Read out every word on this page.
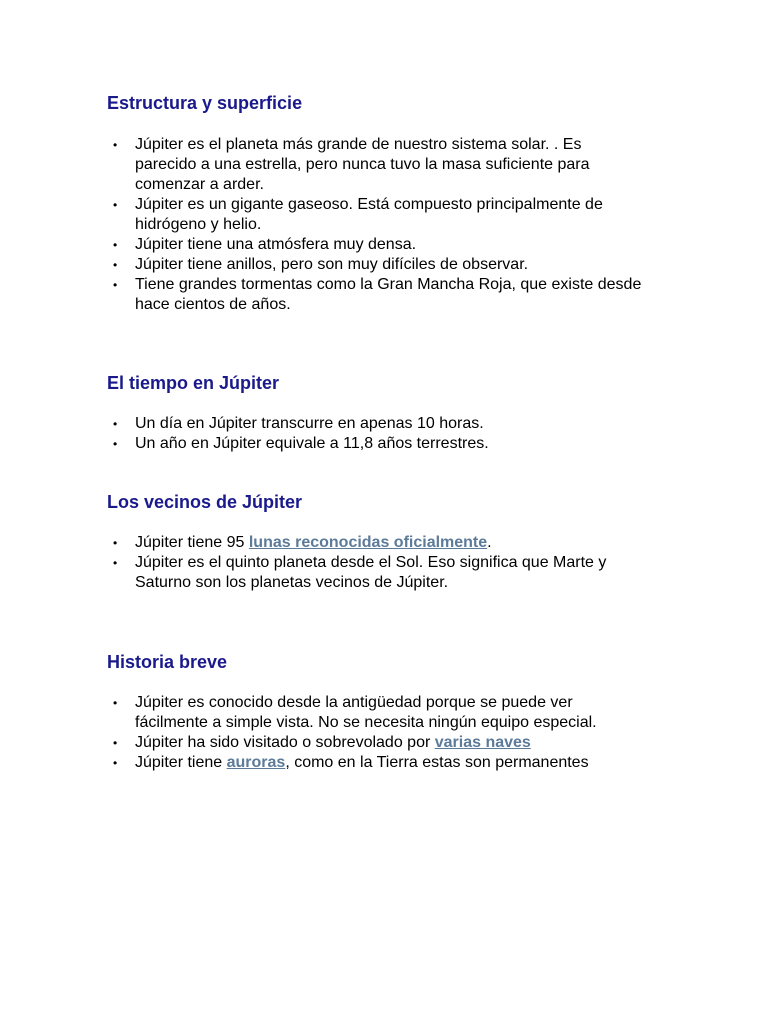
Estructura y superficie
• Júpiter es el planeta más grande de nuestro sistema solar. . Es parecido a una estrella, pero nunca tuvo la masa suficiente para comenzar a arder.
• Júpiter es un gigante gaseoso. Está compuesto principalmente de hidrógeno y helio.
• Júpiter tiene una atmósfera muy densa.
• Júpiter tiene anillos, pero son muy difíciles de observar.
• Tiene grandes tormentas como la Gran Mancha Roja, que existe desde hace cientos de años.
El tiempo en Júpiter
• Un día en Júpiter transcurre en apenas 10 horas.
• Un año en Júpiter equivale a 11,8 años terrestres.
Los vecinos de Júpiter
• Júpiter tiene 95 lunas reconocidas oficialmente.
• Júpiter es el quinto planeta desde el Sol. Eso significa que Marte y Saturno son los planetas vecinos de Júpiter.
Historia breve
• Júpiter es conocido desde la antigüedad porque se puede ver fácilmente a simple vista. No se necesita ningún equipo especial.
• Júpiter ha sido visitado o sobrevolado por varias naves
• Júpiter tiene auroras, como en la Tierra estas son permanentes
